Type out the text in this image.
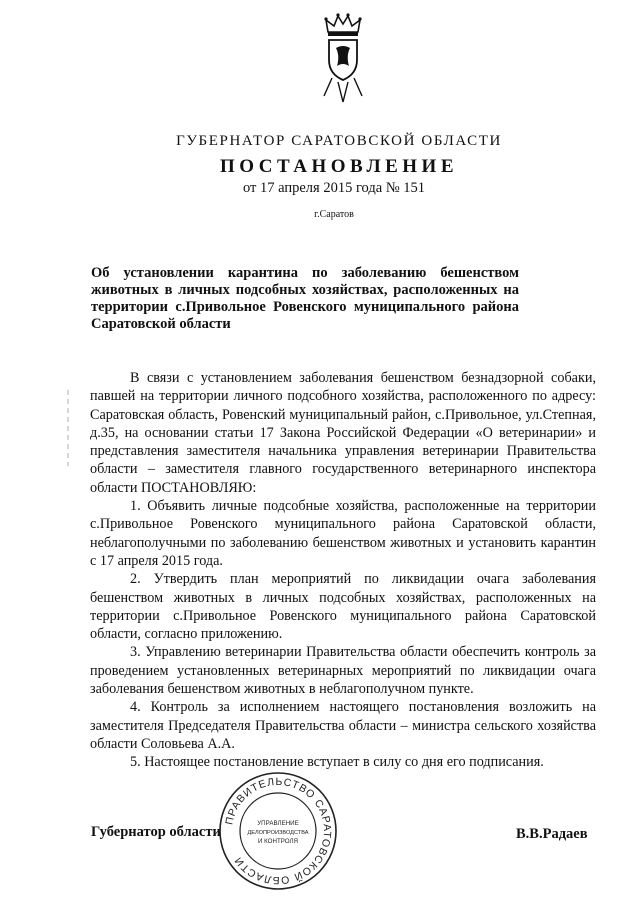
ГУБЕРНАТОР САРАТОВСКОЙ ОБЛАСТИ
ПОСТАНОВЛЕНИЕ
от 17 апреля 2015 года № 151
г.Саратов
Об установлении карантина по заболеванию бешенством животных в личных подсобных хозяйствах, расположенных на территории с.Привольное Ровенского муниципального района Саратовской области

В связи с установлением заболевания бешенством безнадзорной собаки, павшей на территории личного подсобного хозяйства, расположенного по адресу: Саратовская область, Ровенский муниципальный район, с.Привольное, ул.Степная, д.35, на основании статьи 17 Закона Российской Федерации «О ветеринарии» и представления заместителя начальника управления ветеринарии Правительства области – заместителя главного государственного ветеринарного инспектора области ПОСТАНОВЛЯЮ:

1. Объявить личные подсобные хозяйства, расположенные на территории с.Привольное Ровенского муниципального района Саратовской области, неблагополучными по заболеванию бешенством животных и установить карантин с 17 апреля 2015 года.

2. Утвердить план мероприятий по ликвидации очага заболевания бешенством животных в личных подсобных хозяйствах, расположенных на территории с.Привольное Ровенского муниципального района Саратовской области, согласно приложению.

3. Управлению ветеринарии Правительства области обеспечить контроль за проведением установленных ветеринарных мероприятий по ликвидации очага заболевания бешенством животных в неблагополучном пункте.

4. Контроль за исполнением настоящего постановления возложить на заместителя Председателя Правительства области – министра сельского хозяйства области Соловьева А.А.

5. Настоящее постановление вступает в силу со дня его подписания.

Губернатор области	В.В.Радаев
ПРАВИТЕЛЬСТВО САРАТОВСКОЙ ОБЛАСТИ
УПРАВЛЕНИЕ
ДЕЛОПРОИЗВОДСТВА
И КОНТРОЛЯ
